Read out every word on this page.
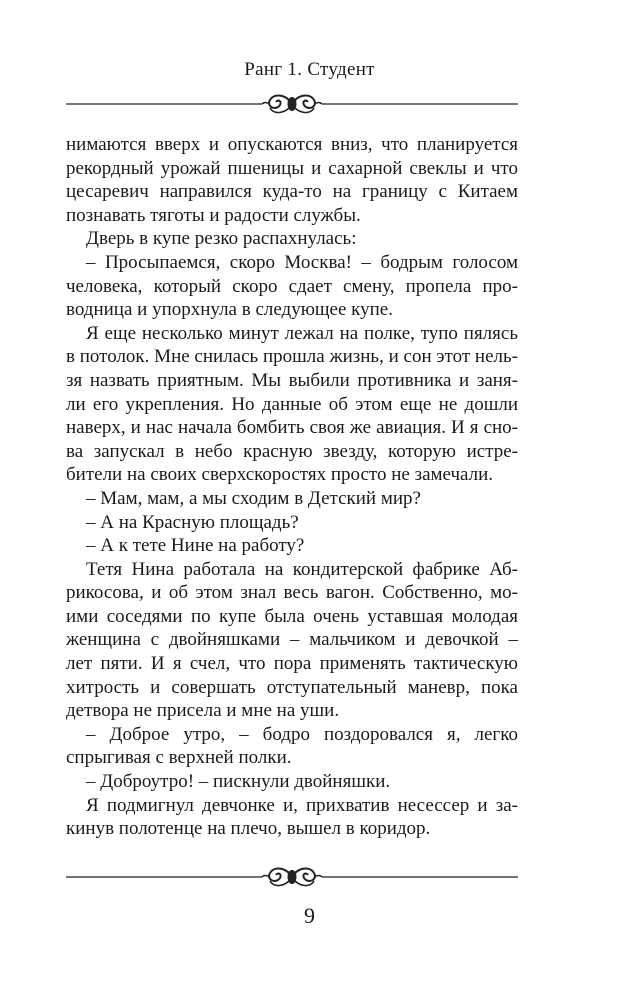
Ранг 1. Студент
нимаются вверх и опускаются вниз, что планируется
рекордный урожай пшеницы и сахарной свеклы и что
цесаревич направился куда-то на границу с Китаем
познавать тяготы и радости службы.
Дверь в купе резко распахнулась:
– Просыпаемся, скоро Москва! – бодрым голосом
человека, который скоро сдает смену, пропела про-
водница и упорхнула в следующее купе.
Я еще несколько минут лежал на полке, тупо пялясь
в потолок. Мне снилась прошла жизнь, и сон этот нель-
зя назвать приятным. Мы выбили противника и заня-
ли его укрепления. Но данные об этом еще не дошли
наверх, и нас начала бомбить своя же авиация. И я сно-
ва запускал в небо красную звезду, которую истре-
бители на своих сверхскоростях просто не замечали.
– Мам, мам, а мы сходим в Детский мир?
– А на Красную площадь?
– А к тете Нине на работу?
Тетя Нина работала на кондитерской фабрике Аб-
рикосова, и об этом знал весь вагон. Собственно, мо-
ими соседями по купе была очень уставшая молодая
женщина с двойняшками – мальчиком и девочкой –
лет пяти. И я счел, что пора применять тактическую
хитрость и совершать отступательный маневр, пока
детвора не присела и мне на уши.
– Доброе утро, – бодро поздоровался я, легко
спрыгивая с верхней полки.
– Доброутро! – пискнули двойняшки.
Я подмигнул девчонке и, прихватив несессер и за-
кинув полотенце на плечо, вышел в коридор.
9
